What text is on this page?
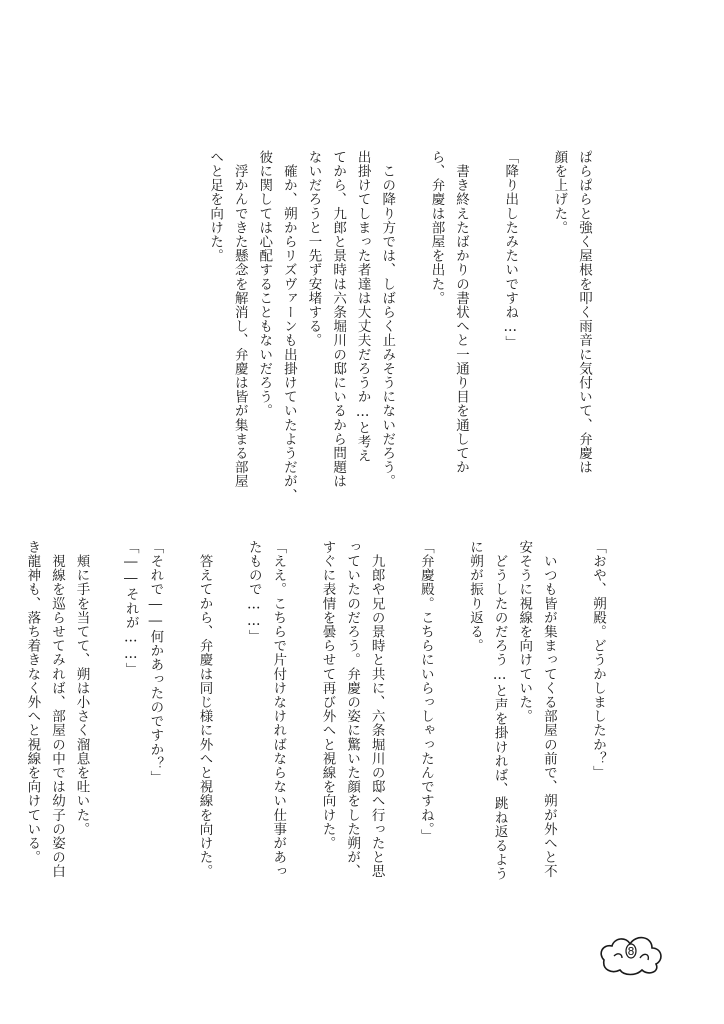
ぱらぱらと強く屋根を叩く雨音に気付いて、弁慶は

顔を上げた。

「降り出したみたいですね…」

　書き終えたばかりの書状へと一通り目を通してか

ら、弁慶は部屋を出た。

　この降り方では、しばらく止みそうにないだろう。

出掛けてしまった者達は大丈夫だろうか…と考え

てから、九郎と景時は六条堀川の邸にいるから問題は

ないだろうと一先ず安堵する。

　確か、朔からリズヴァーンも出掛けていたようだが、

彼に関しては心配することもないだろう。

　浮かんできた懸念を解消し、弁慶は皆が集まる部屋

へと足を向けた。

「おや、朔殿。どうかしましたか？」

　いつも皆が集まってくる部屋の前で、朔が外へと不

安そうに視線を向けていた。

　どうしたのだろう…と声を掛ければ、跳ね返るよう

に朔が振り返る。

「弁慶殿。こちらにいらっしゃったんですね。」

　九郎や兄の景時と共に、六条堀川の邸へ行ったと思

っていたのだろう。弁慶の姿に驚いた顔をした朔が、

すぐに表情を曇らせて再び外へと視線を向けた。

「ええ。こちらで片付けなければならない仕事があっ

たもので……」

　答えてから、弁慶は同じ様に外へと視線を向けた。

「それで――何かあったのですか？」

「――それが……」

　頬に手を当てて、朔は小さく溜息を吐いた。

　視線を巡らせてみれば、部屋の中では幼子の姿の白

き龍神も、落ち着きなく外へと視線を向けている。

8
